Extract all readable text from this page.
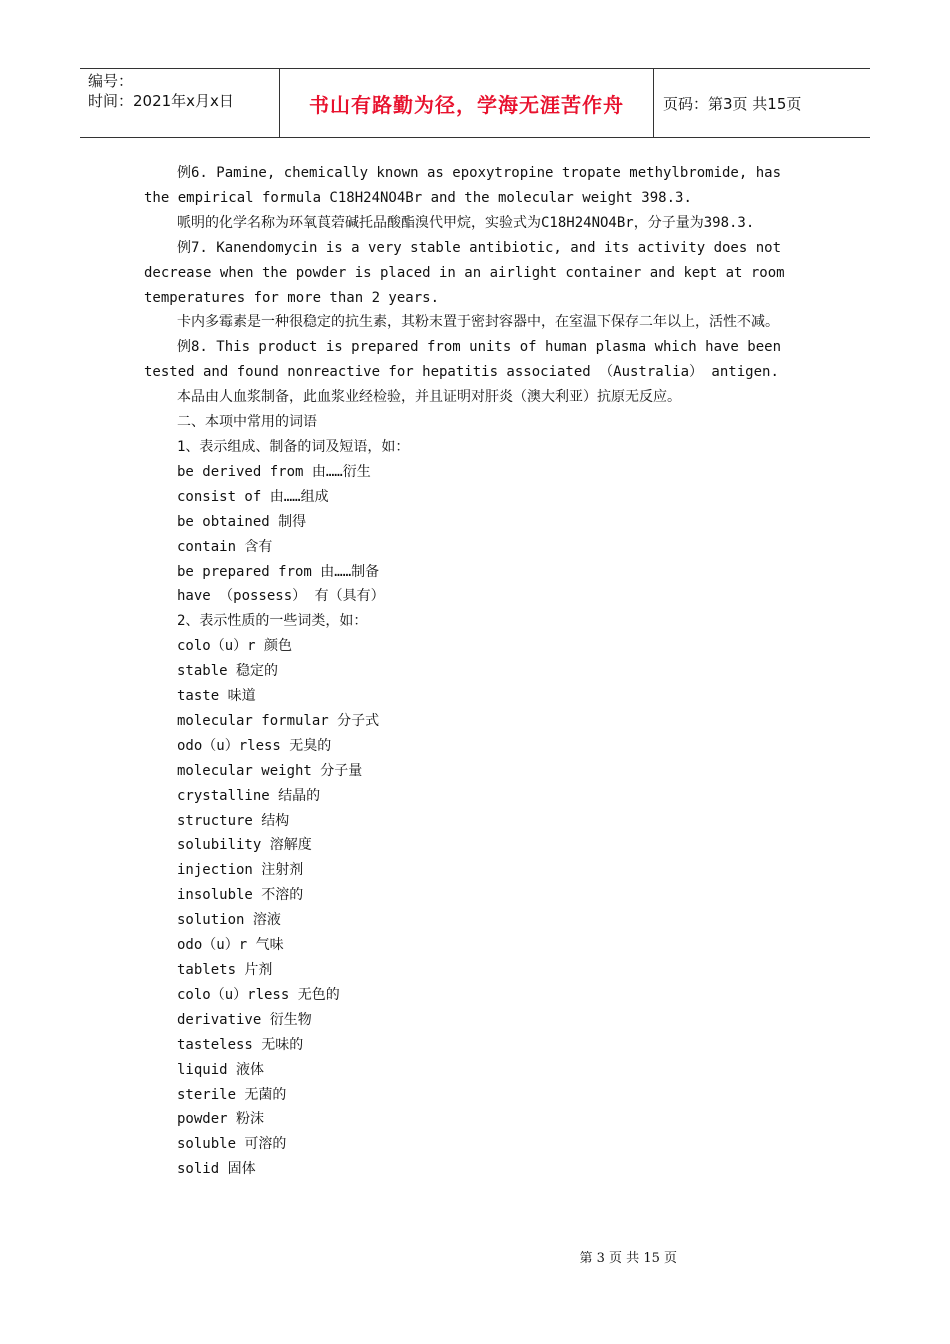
编号：
时间：2021年x月x日	书山有路勤为径，学海无涯苦作舟	页码：第3页 共15页

例6. Pamine, chemically known as epoxytropine tropate methylbromide, has the empirical formula C18H24NO4Br and the molecular weight 398.3.

哌明的化学名称为环氧莨菪碱托品酸酯溴代甲烷，实验式为C18H24NO4Br，分子量为398.3.

例7. Kanendomycin is a very stable antibiotic, and its activity does not decrease when the powder is placed in an airlight container and kept at room temperatures for more than 2 years.

卡内多霉素是一种很稳定的抗生素，其粉末置于密封容器中，在室温下保存二年以上，活性不减。

例8. This product is prepared from units of human plasma which have been tested and found nonreactive for hepatitis associated （Australia） antigen.

本品由人血浆制备，此血浆业经检验，并且证明对肝炎（澳大利亚）抗原无反应。

二、本项中常用的词语

1、表示组成、制备的词及短语，如：

be derived from 由……衍生

consist of 由……组成

be obtained 制得

contain 含有

be prepared from 由……制备

have （possess） 有（具有）

2、表示性质的一些词类，如：

colo（u）r 颜色

stable 稳定的

taste 味道

molecular formular 分子式

odo（u）rless 无臭的

molecular weight 分子量

crystalline 结晶的

structure 结构

solubility 溶解度

injection 注射剂

insoluble 不溶的

solution 溶液

odo（u）r 气味

tablets 片剂

colo（u）rless 无色的

derivative 衍生物

tasteless 无味的

liquid 液体

sterile 无菌的

powder 粉沫

soluble 可溶的

solid 固体

第 3 页 共 15 页
